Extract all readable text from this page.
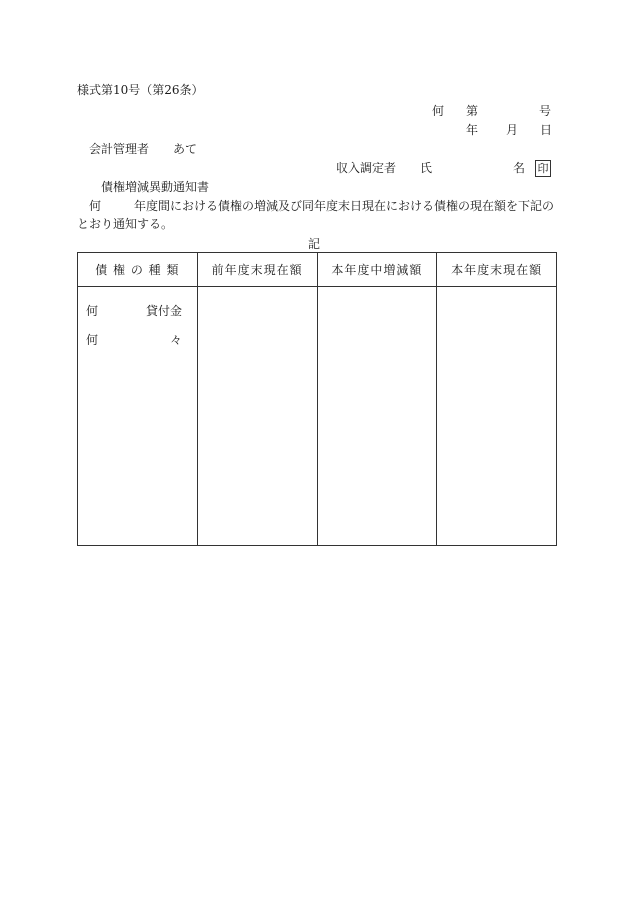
様式第10号（第26条）
何 第	号
年 月 日
会計管理者 あて
収入調定者 氏	名 印
債権増減異動通知書
何	年度間における債権の増減及び同年度末日現在における債権の現在額を下記の
とおり通知する。
記
債 権 の 種 類	前年度末現在額	本年度中増減額	本年度末現在額

何 貸付金
何 々			
